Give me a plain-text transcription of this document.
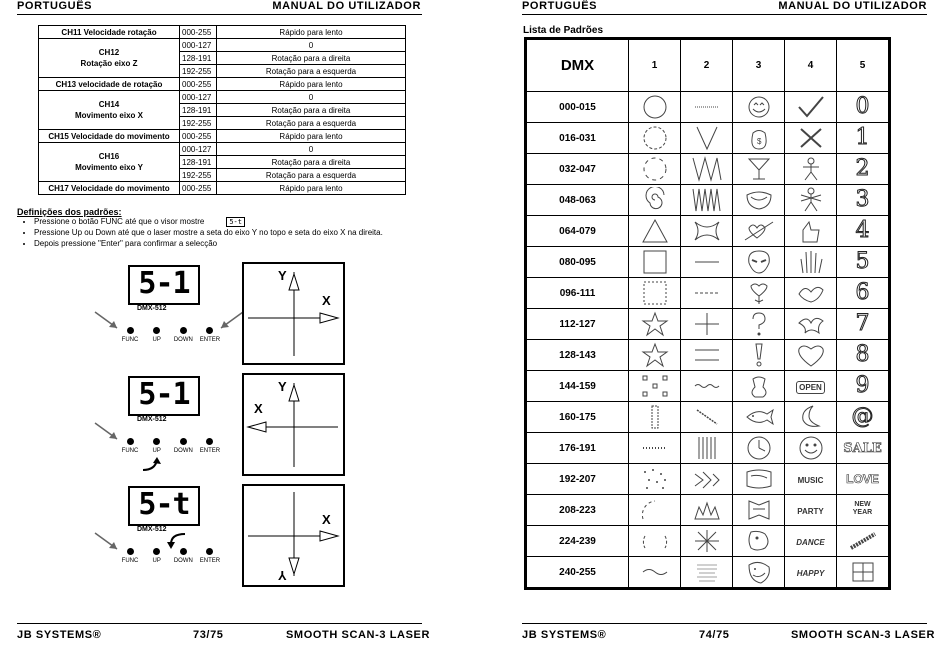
PORTUGUÊS	MANUAL DO UTILIZADOR
CH11 Velocidade rotação	000-255	Rápido para lento
CH12
Rotação eixo Z	000-127	0
	128-191	Rotação para a direita
	192-255	Rotação para a esquerda
CH13 velocidade de rotação	000-255	Rápido para lento
CH14
Movimento eixo X	000-127	0
	128-191	Rotação para a direita
	192-255	Rotação para a esquerda
CH15 Velocidade do movimento	000-255	Rápido para lento
CH16
Movimento eixo Y	000-127	0
	128-191	Rotação para a direita
	192-255	Rotação para a esquerda
CH17 Velocidade do movimento	000-255	Rápido para lento
Definições dos padrões:
• Pressione o botão FUNC até que o visor mostre	5-t
• Pressione Up ou Down até que o laser mostre a seta do eixo Y no topo e seta do eixo X na direita.
• Depois pressione "Enter" para confirmar a selecção
5-1
DMX-512
FUNC	UP	DOWN	ENTER
5-1
DMX-512
FUNC	UP	DOWN	ENTER
5-t
DMX-512
FUNC	UP	DOWN	ENTER
Y
X
Y
X
Y
X
JB SYSTEMS®	73/75	SMOOTH SCAN-3 LASER
PORTUGUÊS	MANUAL DO UTILIZADOR
Lista de Padrões
DMX	1	2	3	4	5
000-015					0
016-031			$		1
032-047					2
048-063					3
064-079					4
080-095					5
096-111					6
112-127					7
128-143					8
144-159				OPEN	9
160-175					@
176-191					SALE
192-207				MUSIC	LOVE
208-223				PARTY	NEW
YEAR
224-239				DANCE	

240-255				HAPPY	
JB SYSTEMS®	74/75	SMOOTH SCAN-3 LASER
